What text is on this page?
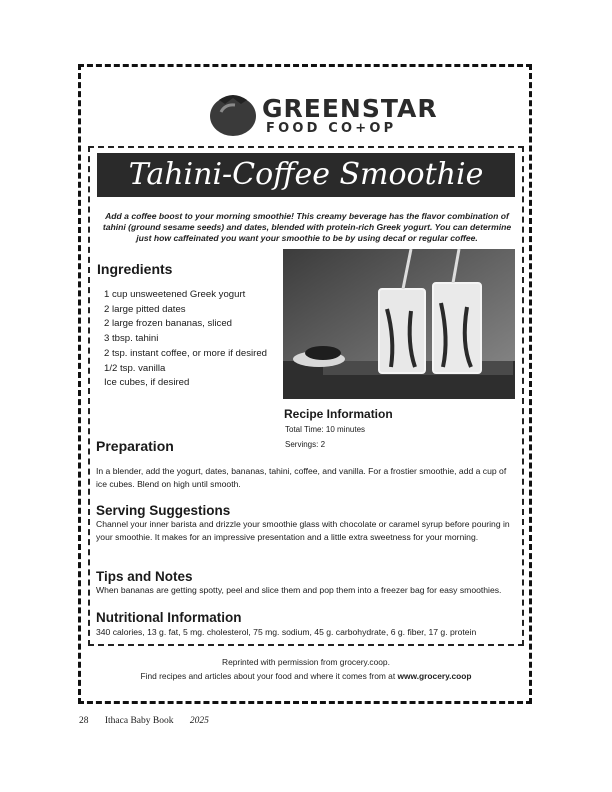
GREENSTAR
FOOD CO+OP
Tahini-Coffee Smoothie
Add a coffee boost to your morning smoothie! This creamy beverage has the flavor combination of tahini (ground sesame seeds) and dates, blended with protein-rich Greek yogurt. You can determine just how caffeinated you want your smoothie to be by using decaf or regular coffee.
Ingredients
1 cup unsweetened Greek yogurt
2 large pitted dates
2 large frozen bananas, sliced
3 tbsp. tahini
2 tsp. instant coffee, or more if desired
1/2 tsp. vanilla
Ice cubes, if desired
Recipe Information
Total Time: 10 minutes
Servings: 2
Preparation
In a blender, add the yogurt, dates, bananas, tahini, coffee, and vanilla. For a frostier smoothie, add a cup of ice cubes. Blend on high until smooth.
Serving Suggestions
Channel your inner barista and drizzle your smoothie glass with chocolate or caramel syrup before pouring in your smoothie. It makes for an impressive presentation and a little extra sweetness for your morning.
Tips and Notes
When bananas are getting spotty, peel and slice them and pop them into a freezer bag for easy smoothies.
Nutritional Information
340 calories, 13 g. fat, 5 mg. cholesterol, 75 mg. sodium, 45 g. carbohydrate, 6 g. fiber, 17 g. protein
Reprinted with permission from grocery.coop.
Find recipes and articles about your food and where it comes from at www.grocery.coop
28 Ithaca Baby Book 2025
